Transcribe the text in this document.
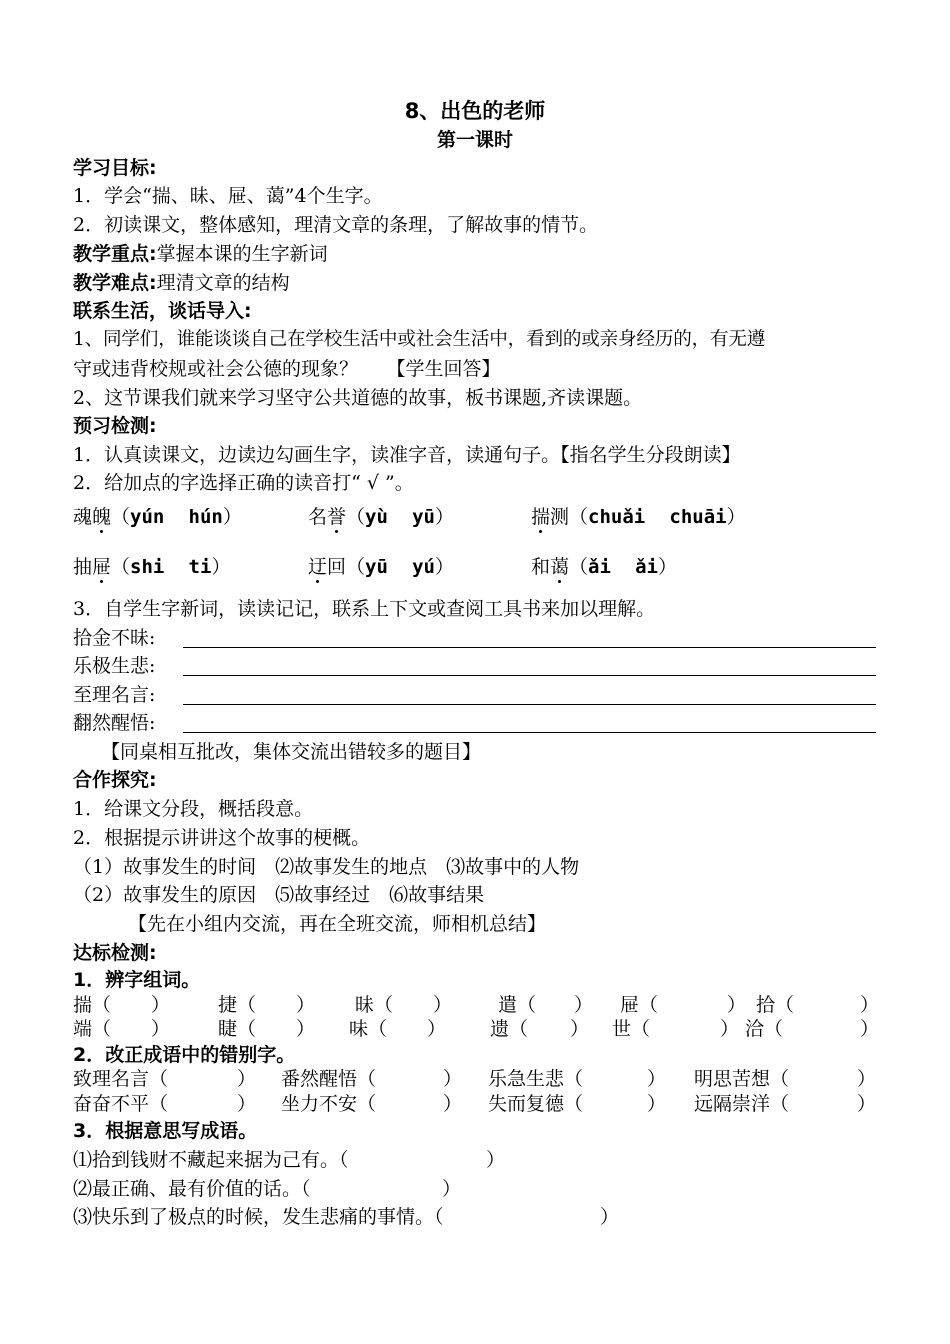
8、出色的老师
第一课时
学习目标:
1．学会“揣、昧、屉、蔼”4个生字。
2．初读课文，整体感知，理清文章的条理，了解故事的情节。
教学重点:掌握本课的生字新词
教学难点:理清文章的结构
联系生活，谈话导入:
1、同学们，谁能谈谈自己在学校生活中或社会生活中，看到的或亲身经历的，有无遵
守或违背校规或社会公德的现象？　　【学生回答】
2、这节课我们就来学习坚守公共道德的故事，板书课题,齐读课题。
预习检测:
1．认真读课文，边读边勾画生字，读准字音，读通句子。【指名学生分段朗读】
2．给加点的字选择正确的读音打“ √ ”。
魂魄（yún hún）	名誉（yù yū）	揣测（chuǎi chuāi）
抽屉（shi ti）	迂回（yū yú）	和蔼（ǎi ǎi）
3．自学生字新词，读读记记，联系上下文或查阅工具书来加以理解。
拾金不昧:
乐极生悲:
至理名言:
翻然醒悟:
【同桌相互批改，集体交流出错较多的题目】
合作探究:
1．给课文分段，概括段意。
2．根据提示讲讲这个故事的梗概。
（1）故事发生的时间　⑵故事发生的地点　⑶故事中的人物
（2）故事发生的原因　⑸故事经过　⑹故事结果
【先在小组内交流，再在全班交流，师相机总结】
达标检测:
1．辨字组词。
揣（ ）	捷（ ） 昧（ ） 遣（ ） 屉（	） 拾（	）
端（ ）	睫（ ） 味（ ） 遗（ ） 世（	） 洽（	）
2．改正成语中的错别字。
致理名言（	） 番然醒悟（	） 乐急生悲（	） 明思苦想（	）
奋奋不平（	） 坐力不安（	） 失而复德（	） 远隔崇洋（	）
3．根据意思写成语。
⑴拾到钱财不藏起来据为己有。（	）
⑵最正确、最有价值的话。（	）
⑶快乐到了极点的时候，发生悲痛的事情。（	）
